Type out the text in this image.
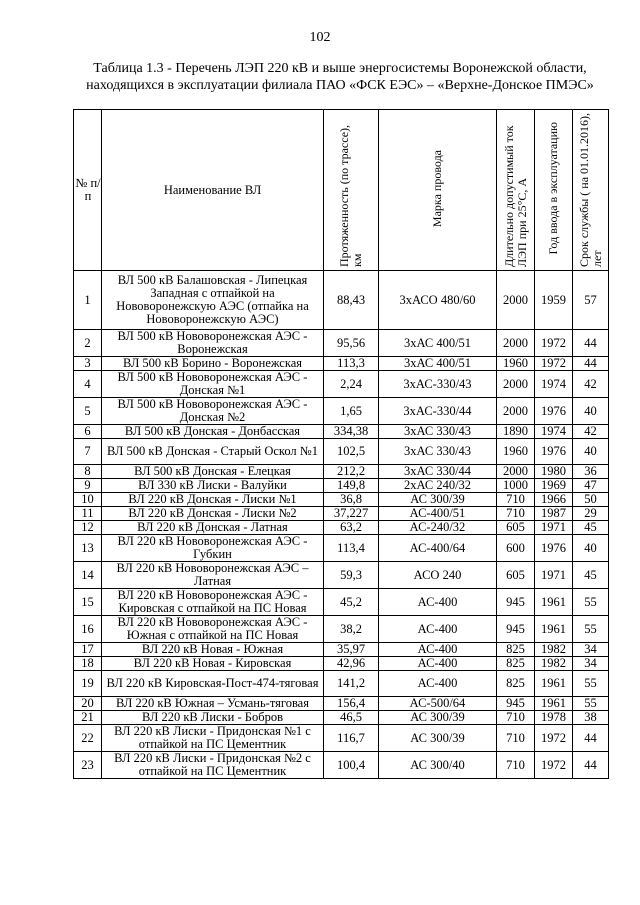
102
Таблица 1.3 - Перечень ЛЭП 220 кВ и выше энергосистемы Воронежской области,
находящихся в эксплуатации филиала ПАО «ФСК ЕЭС» – «Верхне-Донское ПМЭС»
№ п/ п	Наименование ВЛ	Протяженность (по трассе), км	Марка провода	Длительно допустимый ток ЛЭП при 25°С, А	Год ввода в эксплуатацию	Срок службы ( на 01.01.2016), лет
1	ВЛ 500 кВ Балашовская - Липецкая Западная с отпайкой на Нововоронежскую АЭС (отпайка на Нововоронежскую АЭС)	88,43	3хАСО 480/60	2000	1959	57
2	ВЛ 500 кВ Нововоронежская АЭС - Воронежская	95,56	3хАС 400/51	2000	1972	44
3	ВЛ 500 кВ Борино - Воронежская	113,3	3хАС 400/51	1960	1972	44
4	ВЛ 500 кВ Нововоронежская АЭС - Донская №1	2,24	3хАС-330/43	2000	1974	42
5	ВЛ 500 кВ Нововоронежская АЭС - Донская №2	1,65	3хАС-330/44	2000	1976	40
6	ВЛ 500 кВ Донская - Донбасская	334,38	3хАС 330/43	1890	1974	42
7	ВЛ 500 кВ Донская - Старый Оскол №1	102,5	3хАС 330/43	1960	1976	40
8	ВЛ 500 кВ Донская - Елецкая	212,2	3хАС 330/44	2000	1980	36
9	ВЛ 330 кВ Лиски - Валуйки	149,8	2хАС 240/32	1000	1969	47
10	ВЛ 220 кВ Донская - Лиски №1	36,8	АС 300/39	710	1966	50
11	ВЛ 220 кВ Донская - Лиски №2	37,227	АС-400/51	710	1987	29
12	ВЛ 220 кВ Донская - Латная	63,2	АС-240/32	605	1971	45
13	ВЛ 220 кВ Нововоронежская АЭС - Губкин	113,4	АС-400/64	600	1976	40
14	ВЛ 220 кВ Нововоронежская АЭС – Латная	59,3	АСО 240	605	1971	45
15	ВЛ 220 кВ Нововоронежская АЭС - Кировская с отпайкой на ПС Новая	45,2	АС-400	945	1961	55
16	ВЛ 220 кВ Нововоронежская АЭС - Южная с отпайкой на ПС Новая	38,2	АС-400	945	1961	55
17	ВЛ 220 кВ Новая - Южная	35,97	АС-400	825	1982	34
18	ВЛ 220 кВ Новая - Кировская	42,96	АС-400	825	1982	34
19	ВЛ 220 кВ Кировская-Пост-474-тяговая	141,2	АС-400	825	1961	55
20	ВЛ 220 кВ Южная – Усмань-тяговая	156,4	АС-500/64	945	1961	55
21	ВЛ 220 кВ Лиски - Бобров	46,5	АС 300/39	710	1978	38
22	ВЛ 220 кВ Лиски - Придонская №1 с отпайкой на ПС Цементник	116,7	АС 300/39	710	1972	44
23	ВЛ 220 кВ Лиски - Придонская №2 с отпайкой на ПС Цементник	100,4	АС 300/40	710	1972	44
